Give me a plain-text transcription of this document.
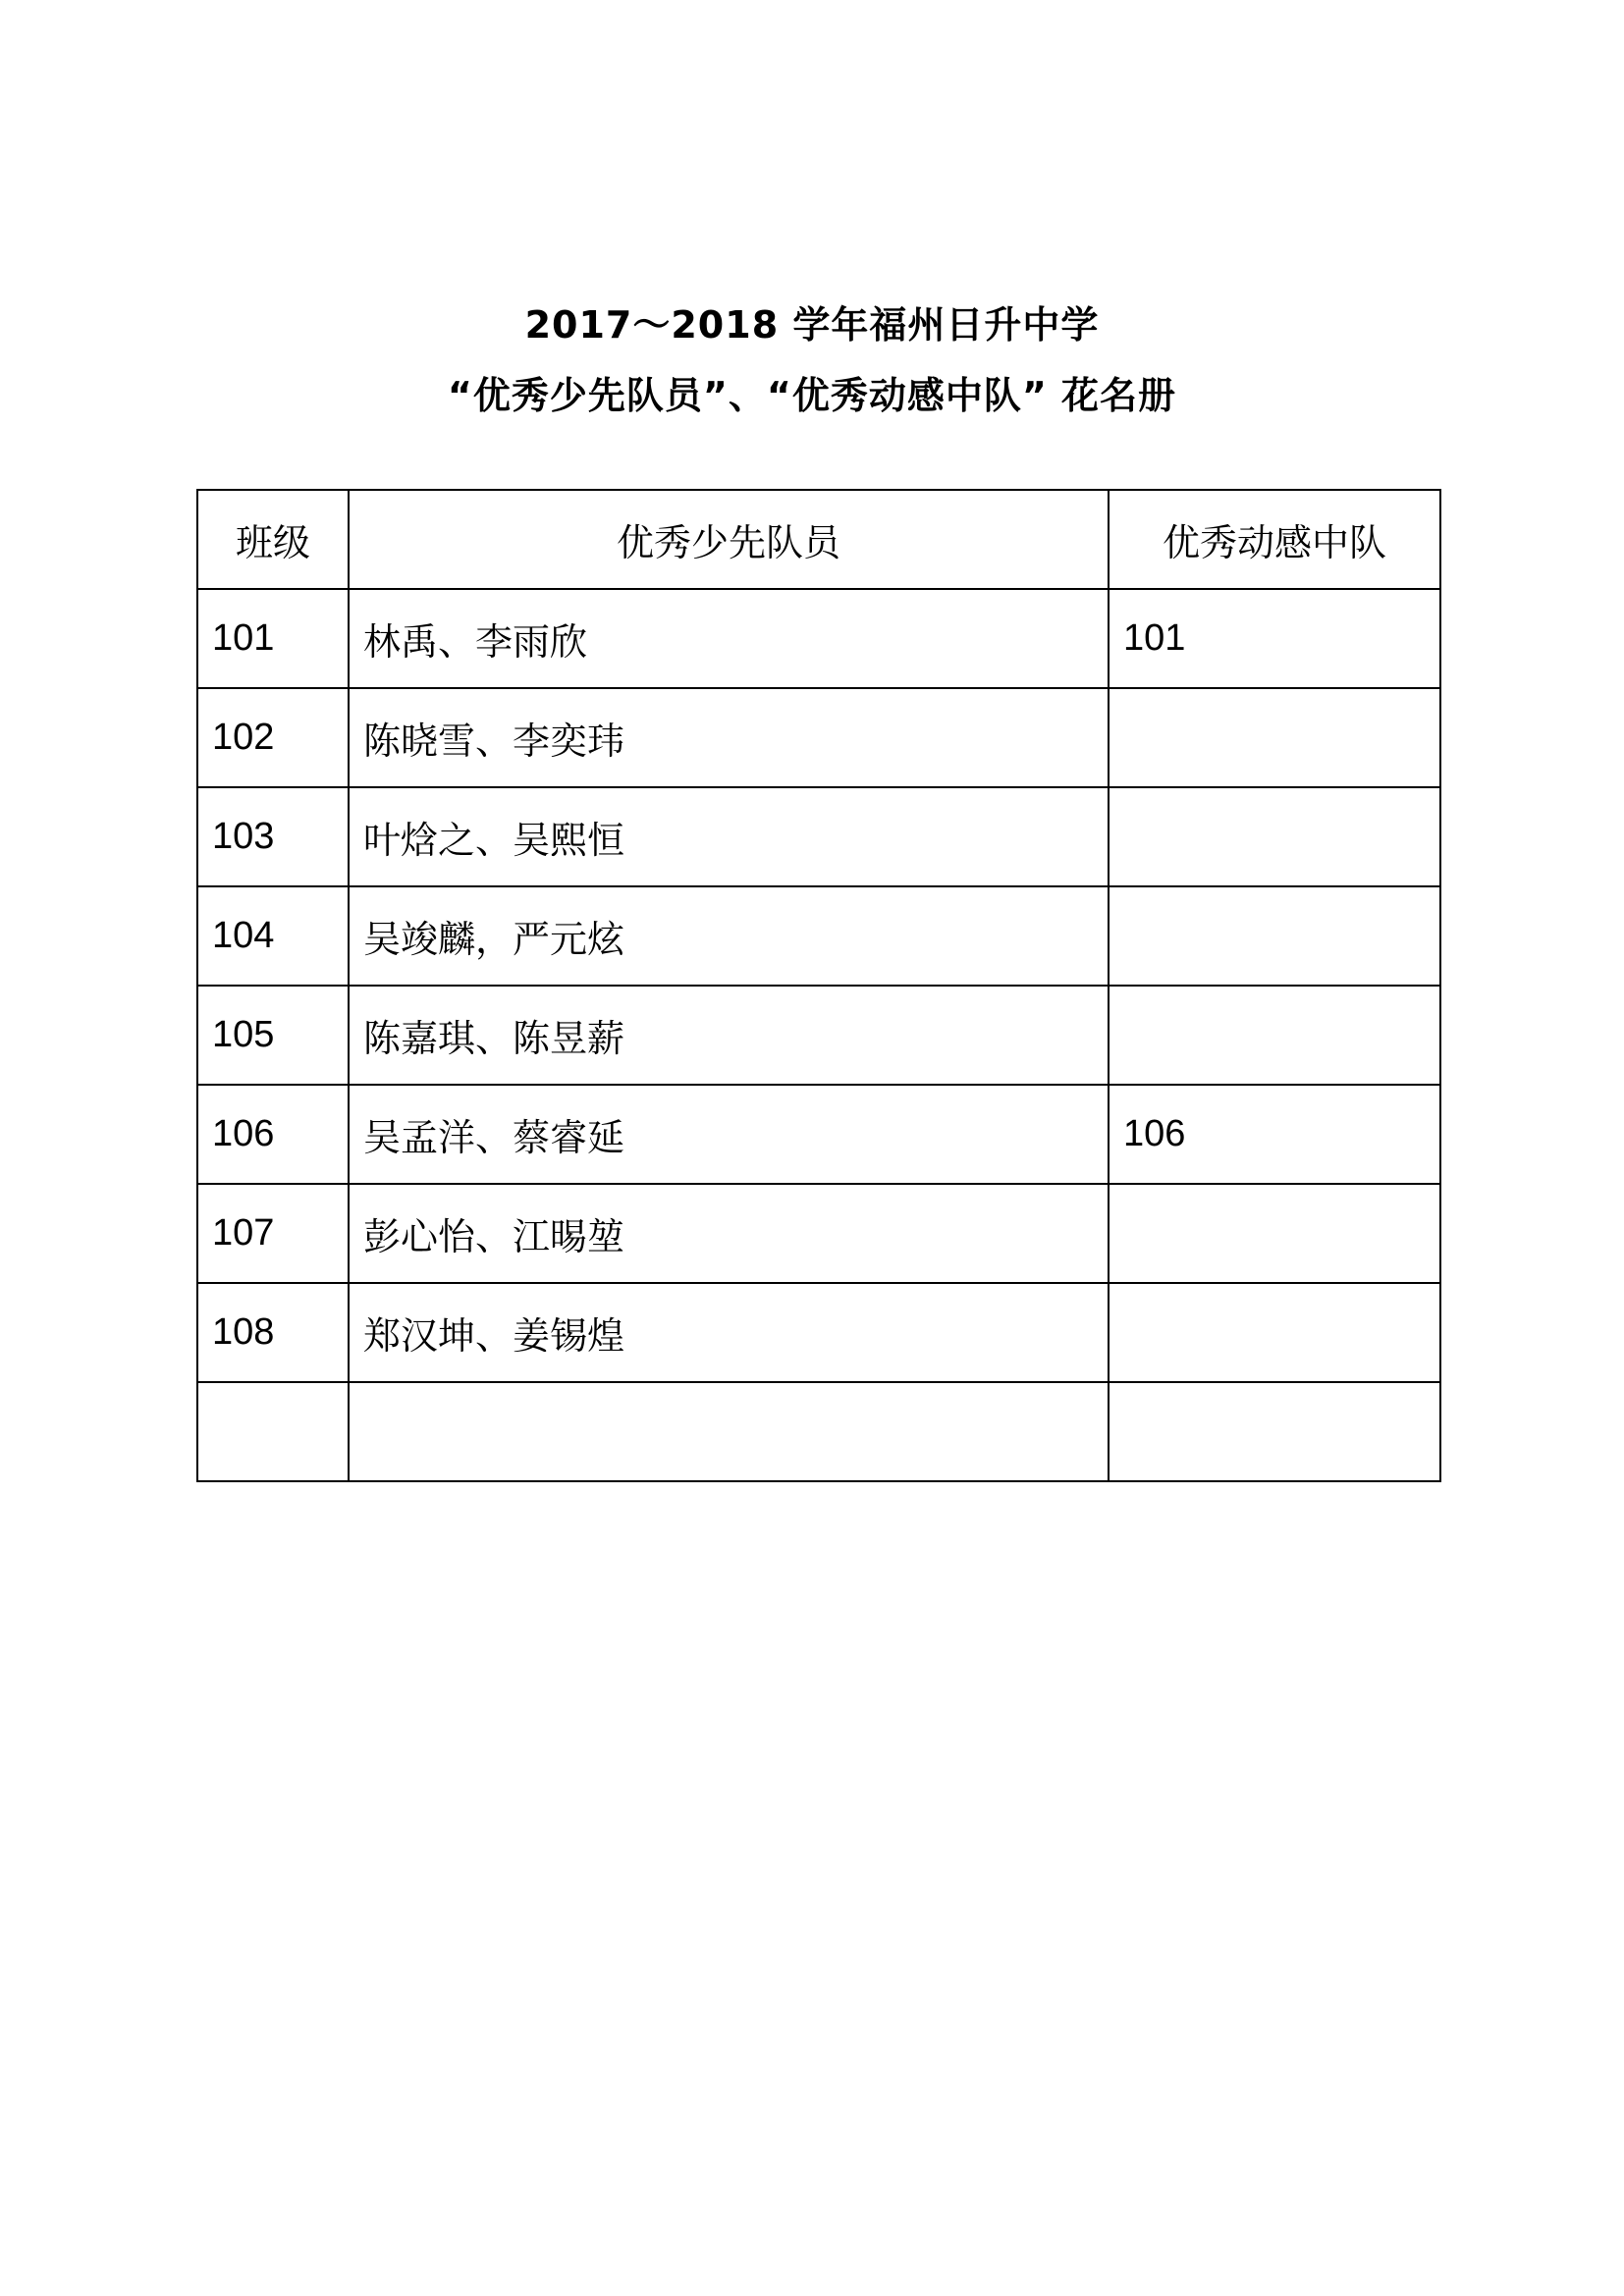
2017～2018 学年福州日升中学
“优秀少先队员”、“优秀动感中队” 花名册
班级	优秀少先队员	优秀动感中队
101	林禹、李雨欣	101
102	陈晓雪、李奕玮	
103	叶焓之、吴熙恒	
104	吴竣麟，严元炫	
105	陈嘉琪、陈昱薪	
106	吴孟洋、蔡睿延	106
107	彭心怡、江晹堃	
108	郑汉坤、姜锡煌	
